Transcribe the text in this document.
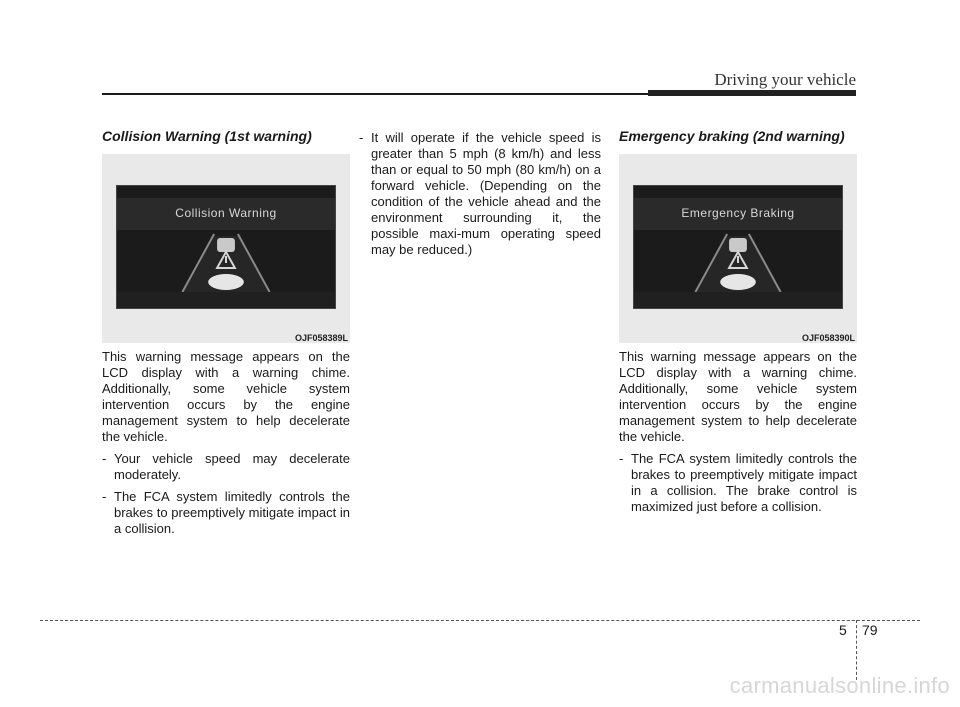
Driving your vehicle
Collision Warning (1st warning)
Collision Warning
OJF058389L

This warning message appears on the LCD display with a warning chime. Additionally, some vehicle system intervention occurs by the engine management system to help decelerate the vehicle.

- Your vehicle speed may decelerate moderately.
- The FCA system limitedly controls the brakes to preemptively mitigate impact in a collision.
- It will operate if the vehicle speed is greater than 5 mph (8 km/h) and less than or equal to 50 mph (80 km/h) on a forward vehicle. (Depending on the condition of the vehicle ahead and the environment surrounding it, the possible maxi-mum operating speed may be reduced.)
Emergency braking (2nd warning)
Emergency Braking
OJF058390L

This warning message appears on the LCD display with a warning chime. Additionally, some vehicle system intervention occurs by the engine management system to help decelerate the vehicle.

- The FCA system limitedly controls the brakes to preemptively mitigate impact in a collision. The brake control is maximized just before a collision.
5 79
carmanualsonline.info
